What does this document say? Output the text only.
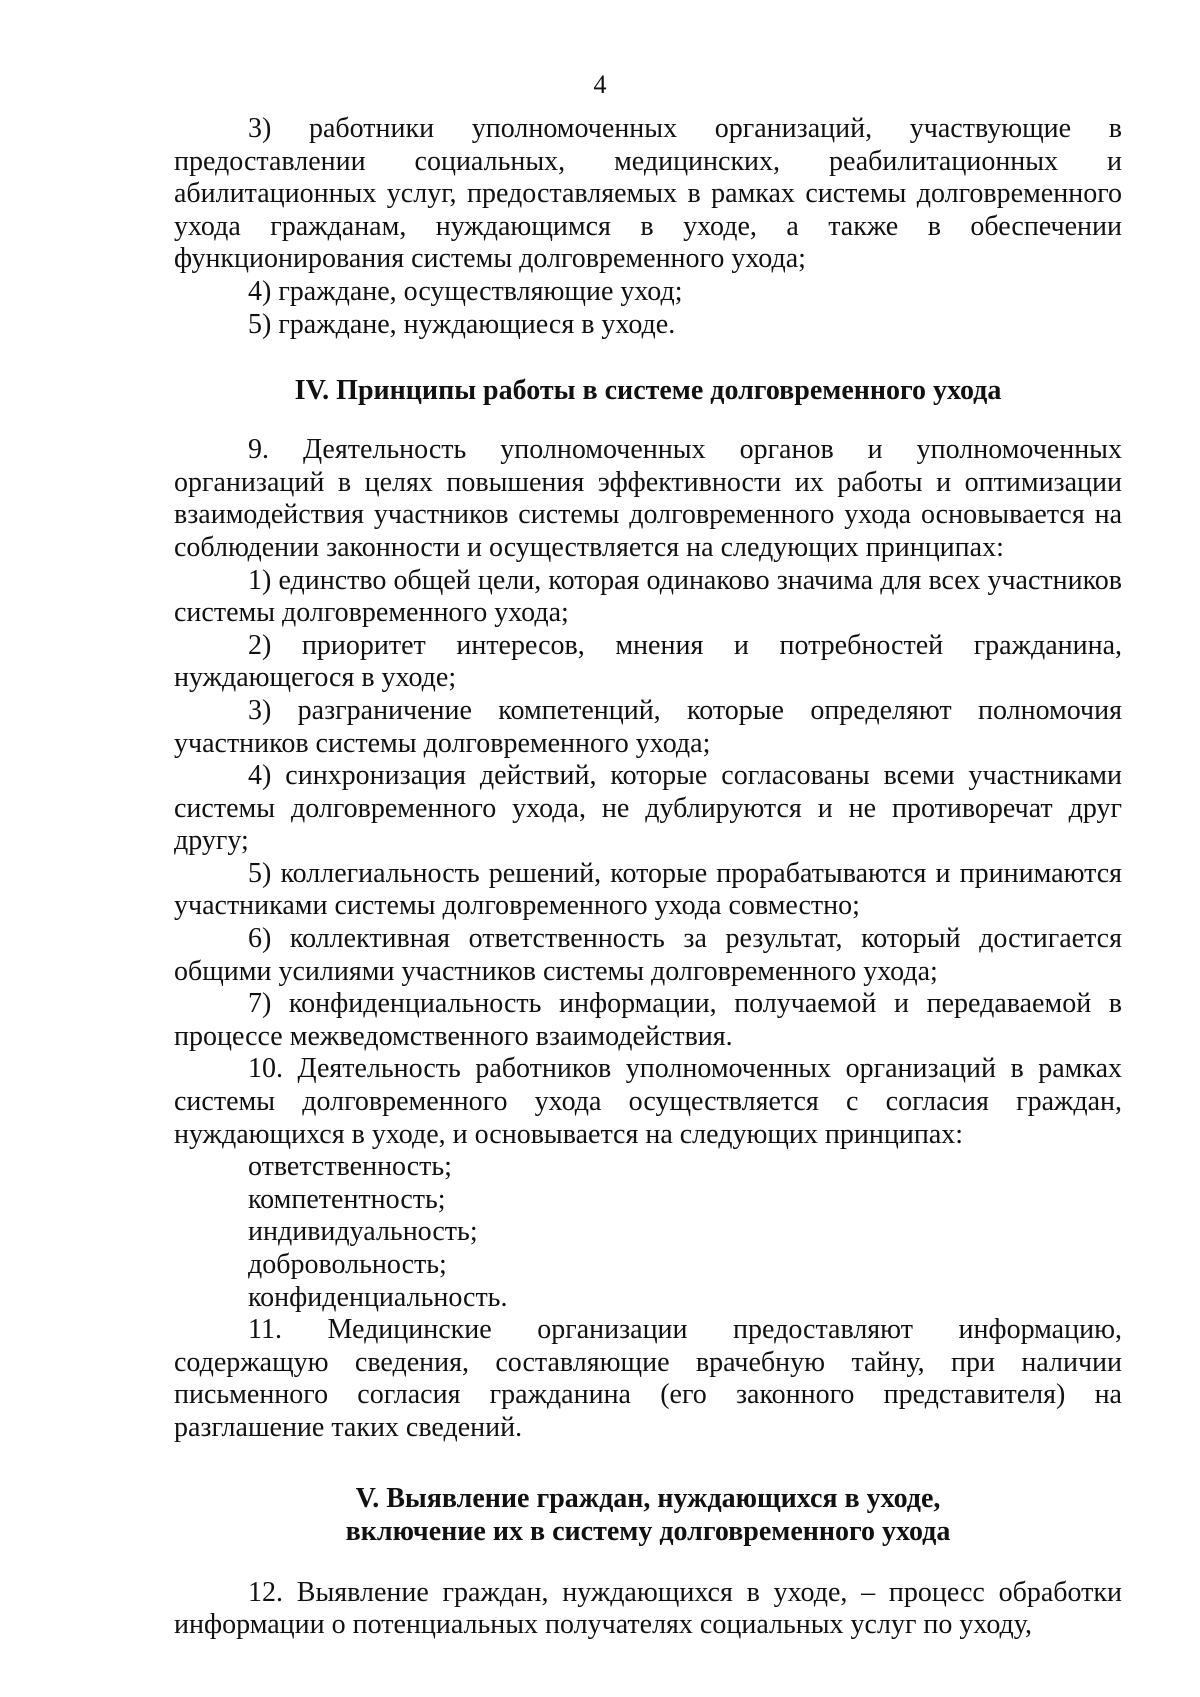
4

3) работники уполномоченных организаций, участвующие в предоставлении социальных, медицинских, реабилитационных и абилитационных услуг, предоставляемых в рамках системы долговременного ухода гражданам, нуждающимся в уходе, а также в обеспечении функционирования системы долговременного ухода;

4) граждане, осуществляющие уход;

5) граждане, нуждающиеся в уходе.

IV. Принципы работы в системе долговременного ухода

9. Деятельность уполномоченных органов и уполномоченных организаций в целях повышения эффективности их работы и оптимизации взаимодействия участников системы долговременного ухода основывается на соблюдении законности и осуществляется на следующих принципах:

1) единство общей цели, которая одинаково значима для всех участников системы долговременного ухода;

2) приоритет интересов, мнения и потребностей гражданина, нуждающегося в уходе;

3) разграничение компетенций, которые определяют полномочия участников системы долговременного ухода;

4) синхронизация действий, которые согласованы всеми участниками системы долговременного ухода, не дублируются и не противоречат друг другу;

5) коллегиальность решений, которые прорабатываются и принимаются участниками системы долговременного ухода совместно;

6) коллективная ответственность за результат, который достигается общими усилиями участников системы долговременного ухода;

7) конфиденциальность информации, получаемой и передаваемой в процессе межведомственного взаимодействия.

10. Деятельность работников уполномоченных организаций в рамках системы долговременного ухода осуществляется с согласия граждан, нуждающихся в уходе, и основывается на следующих принципах:

ответственность;

компетентность;

индивидуальность;

добровольность;

конфиденциальность.

11. Медицинские организации предоставляют информацию, содержащую сведения, составляющие врачебную тайну, при наличии письменного согласия гражданина (его законного представителя) на разглашение таких сведений.

V. Выявление граждан, нуждающихся в уходе,

включение их в систему долговременного ухода

12. Выявление граждан, нуждающихся в уходе, – процесс обработки информации о потенциальных получателях социальных услуг по уходу,
